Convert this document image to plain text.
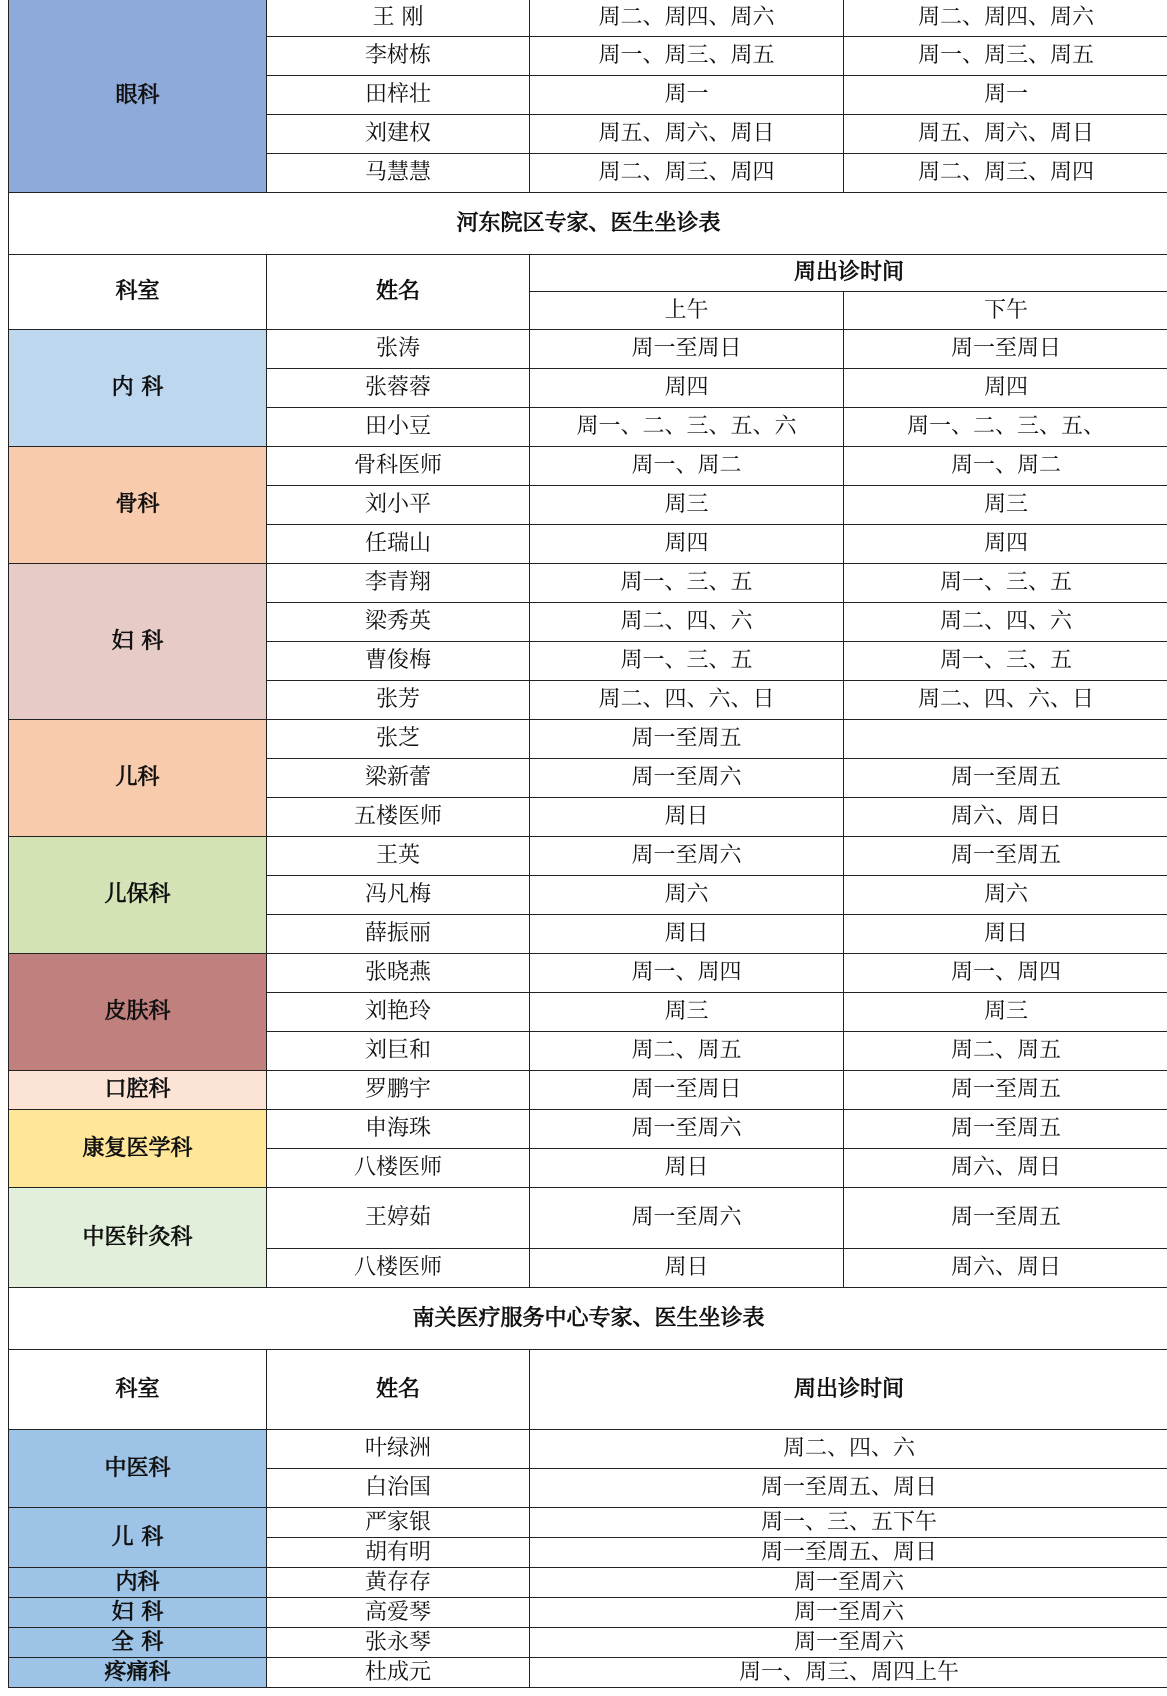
眼科	王 刚	周二、周四、周六	周二、周四、周六
	李树栋	周一、周三、周五	周一、周三、周五
	田梓壮	周一	周一
	刘建权	周五、周六、周日	周五、周六、周日
	马慧慧	周二、周三、周四	周二、周三、周四
河东院区专家、医生坐诊表			
科室	姓名	周出诊时间	
		上午	下午
内 科	张涛	周一至周日	周一至周日
	张蓉蓉	周四	周四
	田小豆	周一、二、三、五、六	周一、二、三、五、
骨科	骨科医师	周一、周二	周一、周二
	刘小平	周三	周三
	任瑞山	周四	周四
妇 科	李青翔	周一、三、五	周一、三、五
	梁秀英	周二、四、六	周二、四、六
	曹俊梅	周一、三、五	周一、三、五
	张芳	周二、四、六、日	周二、四、六、日
儿科	张芝	周一至周五	
	梁新蕾	周一至周六	周一至周五
	五楼医师	周日	周六、周日
儿保科	王英	周一至周六	周一至周五
	冯凡梅	周六	周六
	薛振丽	周日	周日
皮肤科	张晓燕	周一、周四	周一、周四
	刘艳玲	周三	周三
	刘巨和	周二、周五	周二、周五
口腔科	罗鹏宇	周一至周日	周一至周五
康复医学科	申海珠	周一至周六	周一至周五
	八楼医师	周日	周六、周日
中医针灸科	王婷茹	周一至周六	周一至周五
	八楼医师	周日	周六、周日
南关医疗服务中心专家、医生坐诊表			
科室	姓名	周出诊时间	
中医科	叶绿洲	周二、四、六	
	白治国	周一至周五、周日	
儿 科	严家银	周一、三、五下午	
	胡有明	周一至周五、周日	
内科	黄存存	周一至周六	
妇 科	高爱琴	周一至周六	
全 科	张永琴	周一至周六	
疼痛科	杜成元	周一、周三、周四上午	
